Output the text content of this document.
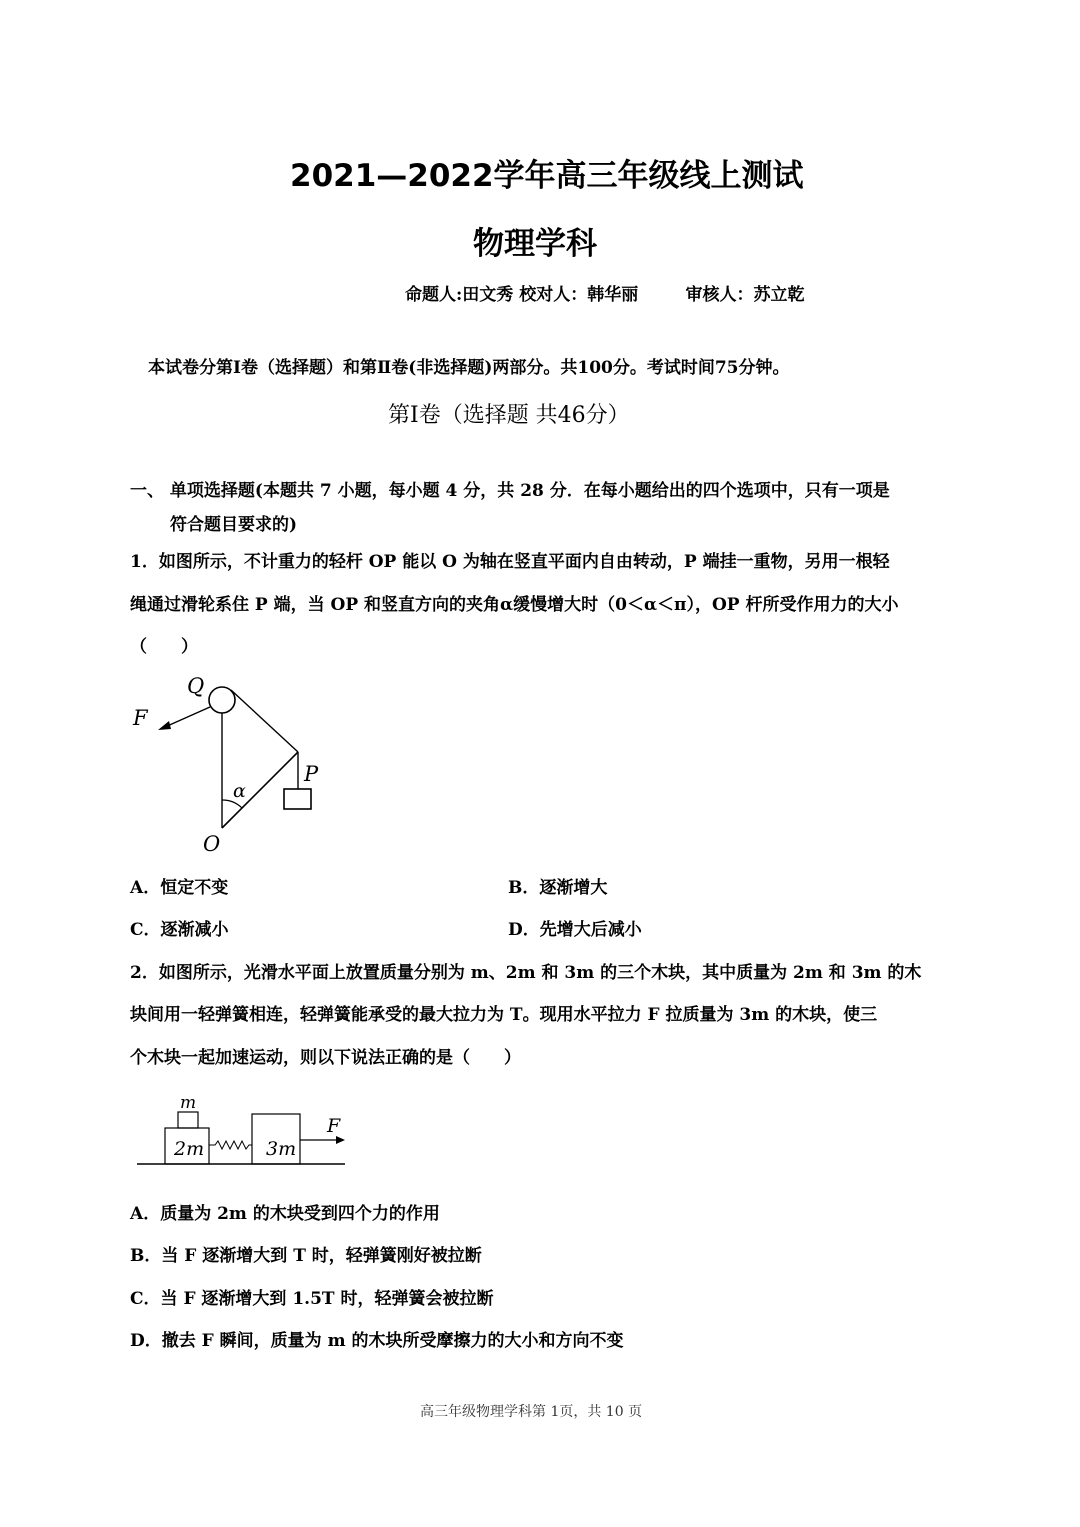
2021—2022学年高三年级线上测试
物理学科
命题人:田文秀 校对人：韩华丽        审核人：苏立乾
本试卷分第Ⅰ卷（选择题）和第Ⅱ卷(非选择题)两部分。共100分。考试时间75分钟。
第Ⅰ卷（选择题 共46分）
一、 单项选择题(本题共 7 小题，每小题 4 分，共 28 分．在每小题给出的四个选项中，只有一项是
符合题目要求的)
1．如图所示，不计重力的轻杆 OP 能以 O 为轴在竖直平面内自由转动，P 端挂一重物，另用一根轻
绳通过滑轮系住 P 端，当 OP 和竖直方向的夹角α缓慢增大时（0＜α＜π），OP 杆所受作用力的大小
（　　）
Q
F
P
α
O
A．恒定不变	B．逐渐增大
C．逐渐减小	D．先增大后减小
2．如图所示，光滑水平面上放置质量分别为 m、2m 和 3m 的三个木块，其中质量为 2m 和 3m 的木
块间用一轻弹簧相连，轻弹簧能承受的最大拉力为 T。现用水平拉力 F 拉质量为 3m 的木块，使三
个木块一起加速运动，则以下说法正确的是（　　）
m
2m	3m
F
A．质量为 2m 的木块受到四个力的作用
B．当 F 逐渐增大到 T 时，轻弹簧刚好被拉断
C．当 F 逐渐增大到 1.5T 时，轻弹簧会被拉断
D．撤去 F 瞬间，质量为 m 的木块所受摩擦力的大小和方向不变
高三年级物理学科第 1页，共 10 页
